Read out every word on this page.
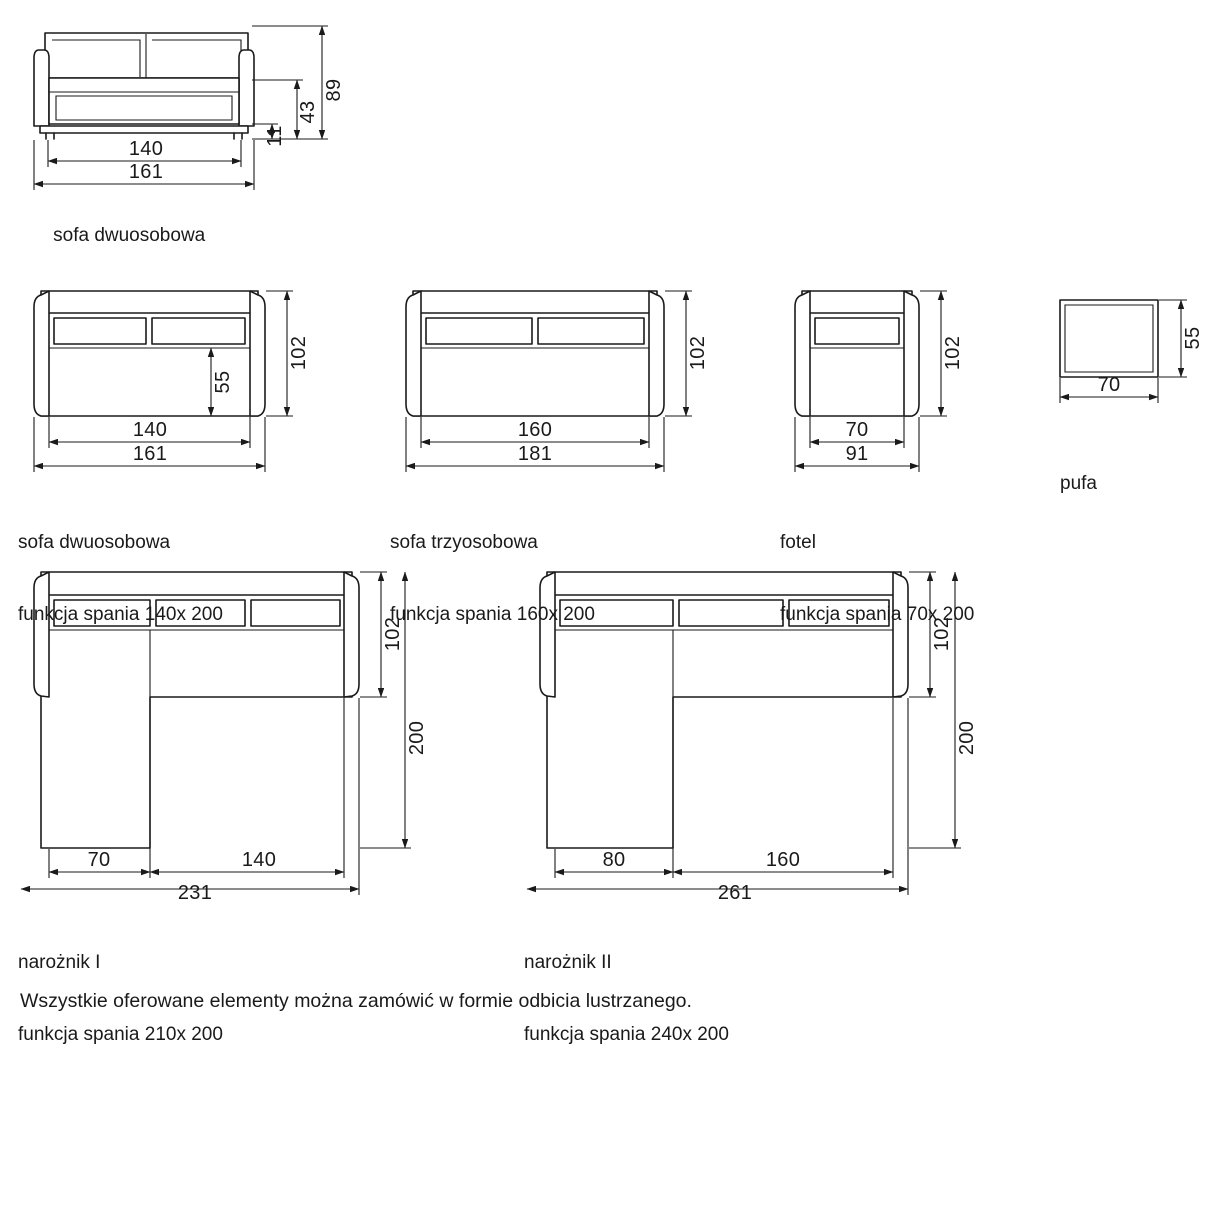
89
43
11
140
161
102
55
140
161
102
160
181
102
70
91
55
70
102
200
70	140
231
102
200
80	160
261

sofa dwuosobowa

sofa dwuosobowa

funkcja spania 140x 200

sofa trzyosobowa

funkcja spania 160x 200

fotel

funkcja spania 70x 200

pufa

narożnik I

funkcja spania 210x 200

narożnik II

funkcja spania 240x 200

Wszystkie oferowane elementy można zamówić w formie odbicia lustrzanego.
